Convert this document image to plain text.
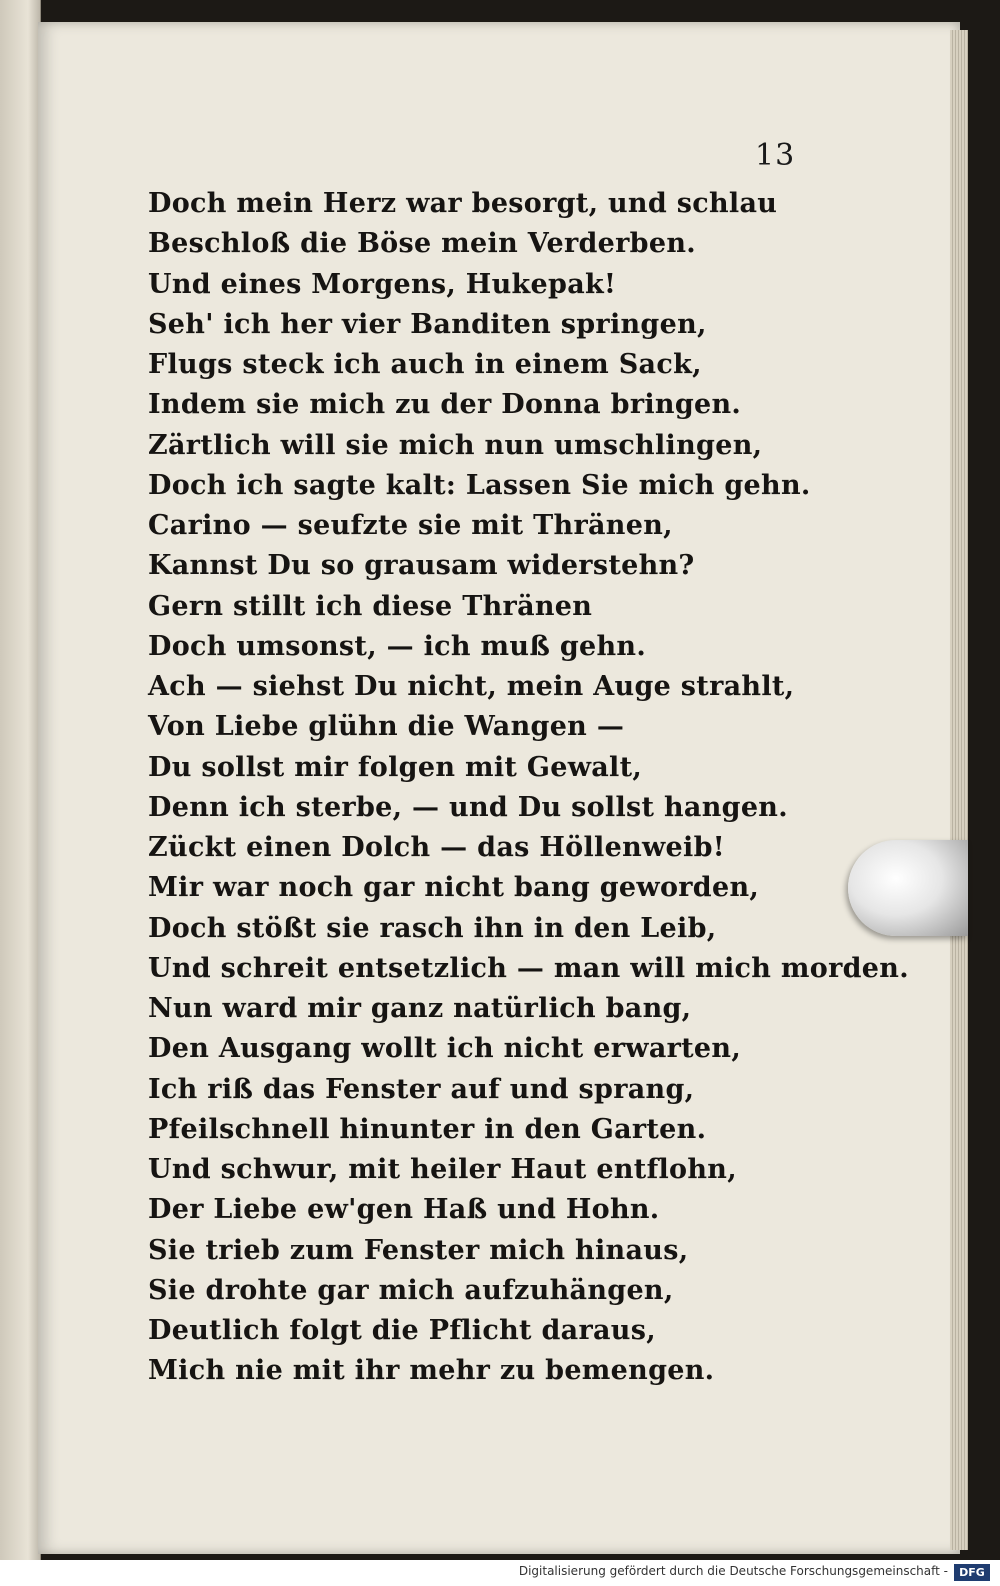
13
Doch mein Herz war besorgt, und schlau
Beschloß die Böse mein Verderben.
Und eines Morgens, Hukepak!
Seh' ich her vier Banditen springen,
Flugs steck ich auch in einem Sack,
Indem sie mich zu der Donna bringen.
Zärtlich will sie mich nun umschlingen,
Doch ich sagte kalt: Lassen Sie mich gehn.
Carino — seufzte sie mit Thränen,
Kannst Du so grausam widerstehn?
Gern stillt ich diese Thränen
Doch umsonst, — ich muß gehn.
Ach — siehst Du nicht, mein Auge strahlt,
Von Liebe glühn die Wangen —
Du sollst mir folgen mit Gewalt,
Denn ich sterbe, — und Du sollst hangen.
Zückt einen Dolch — das Höllenweib!
Mir war noch gar nicht bang geworden,
Doch stößt sie rasch ihn in den Leib,
Und schreit entsetzlich — man will mich morden.
Nun ward mir ganz natürlich bang,
Den Ausgang wollt ich nicht erwarten,
Ich riß das Fenster auf und sprang,
Pfeilschnell hinunter in den Garten.
Und schwur, mit heiler Haut entflohn,
Der Liebe ew'gen Haß und Hohn.
Sie trieb zum Fenster mich hinaus,
Sie drohte gar mich aufzuhängen,
Deutlich folgt die Pflicht daraus,
Mich nie mit ihr mehr zu bemengen.
Digitalisierung gefördert durch die Deutsche Forschungsgemeinschaft -	DFG
